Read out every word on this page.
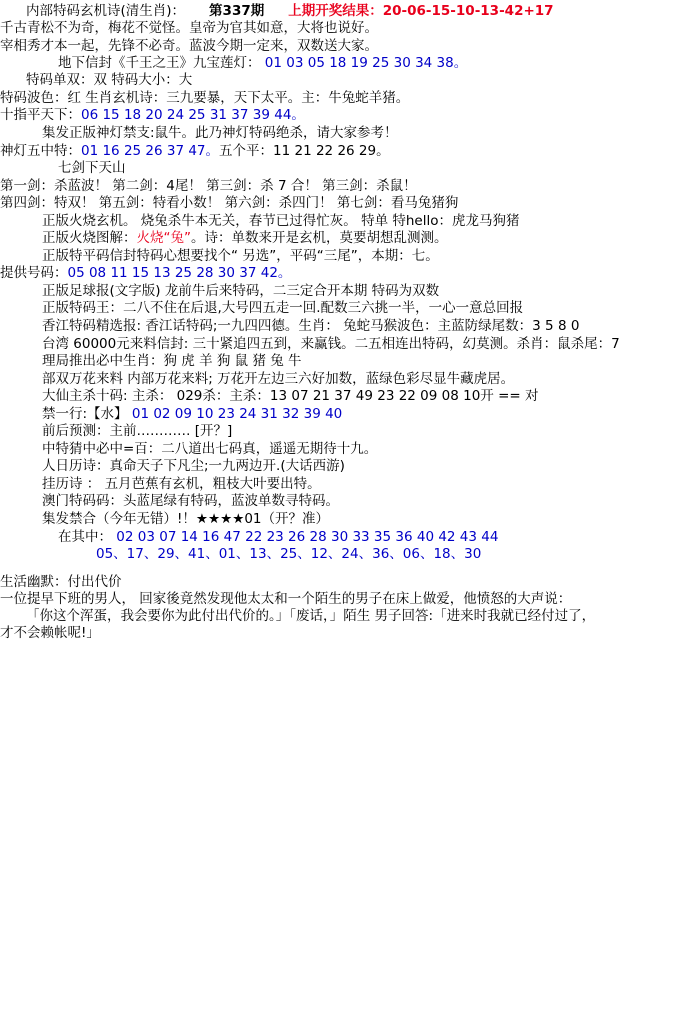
内部特码玄机诗(清生肖)： 第337期 上期开奖结果： 20-06-15-10-13-42+17
千古青松不为奇，梅花不觉怪。皇帝为官其如意，大将也说好。
宰相秀才本一起，先锋不必奇。蓝波今期一定来，双数送大家。
地下信封《千王之王》九宝莲灯： 01 03 05 18 19 25 30 34 38。
特码单双：双 特码大小：大
特码波色：红 生肖玄机诗：三九要暴，天下太平。主：牛兔蛇羊猪。
十指平天下：06 15 18 20 24 25 31 37 39 44。
集发正版神灯禁支:鼠牛。此乃神灯特码绝杀，请大家参考！
神灯五中特：01 16 25 26 37 47。五个平：11 21 22 26 29。
七剑下天山
第一剑：杀蓝波！ 第二剑：4尾！ 第三剑：杀 7 合！ 第三剑：杀鼠！
第四剑：特双！ 第五剑：特看小数！ 第六剑：杀四门！ 第七剑：看马兔猪狗
正版火烧玄机。 烧兔杀牛本无关，春节已过得忙灰。 特单 特hello：虎龙马狗猪
正版火烧图解：火烧“兔”。诗：单数来开是玄机，莫要胡想乱测测。
正版特平码信封特码心想要找个“ 另选”，平码“三尾”，本期：七。
提供号码：05 08 11 15 13 25 28 30 37 42。
正版足球报(文字版) 龙前牛后来特码，二三定合开本期 特码为双数
正版特码王：二八不住在后退,大号四五走一回.配数三六挑一半，一心一意总回报
香江特码精选报: 香江话特码;一九四四德。生肖： 兔蛇马猴波色：主蓝防绿尾数：3 5 8 0
台湾 60000元来料信封: 三十紧追四五到，来赢钱。二五相连出特码，幻莫测。杀肖：鼠杀尾：7
理局推出必中生肖：狗 虎 羊 狗 鼠 猪 兔 牛
部双万花来料 内部万花来料; 万花开左边三六好加数，蓝绿色彩尽显牛藏虎居。
大仙主杀十码: 主杀： 029杀：主杀：13 07 21 37 49 23 22 09 08 10开 == 对
禁一行:【水】 01 02 09 10 23 24 31 32 39 40
前后预测：主前………… [开？]
中特猜中必中=百：二八道出七码真，遥遥无期待十九。
人日历诗：真命天子下凡尘;一九两边开.(大话西游)
挂历诗 ： 五月芭蕉有玄机，粗枝大叶要出特。
澳门特码码：头蓝尾绿有特码，蓝波单数寻特码。
集发禁合（今年无错）!！★★★★01（开？准）
在其中： 02 03 07 14 16 47 22 23 26 28 30 33 35 36 40 42 43 44
05、17、29、41、01、13、25、12、24、36、06、18、30
生活幽默：付出代价
一位提早下班的男人， 回家後竟然发现他太太和一个陌生的男子在床上做爱，他愤怒的大声说：
「你这个浑蛋，我会要你为此付出代价的。」「废话，」陌生 男子回答:「进来时我就已经付过了，
才不会赖帐呢!」
